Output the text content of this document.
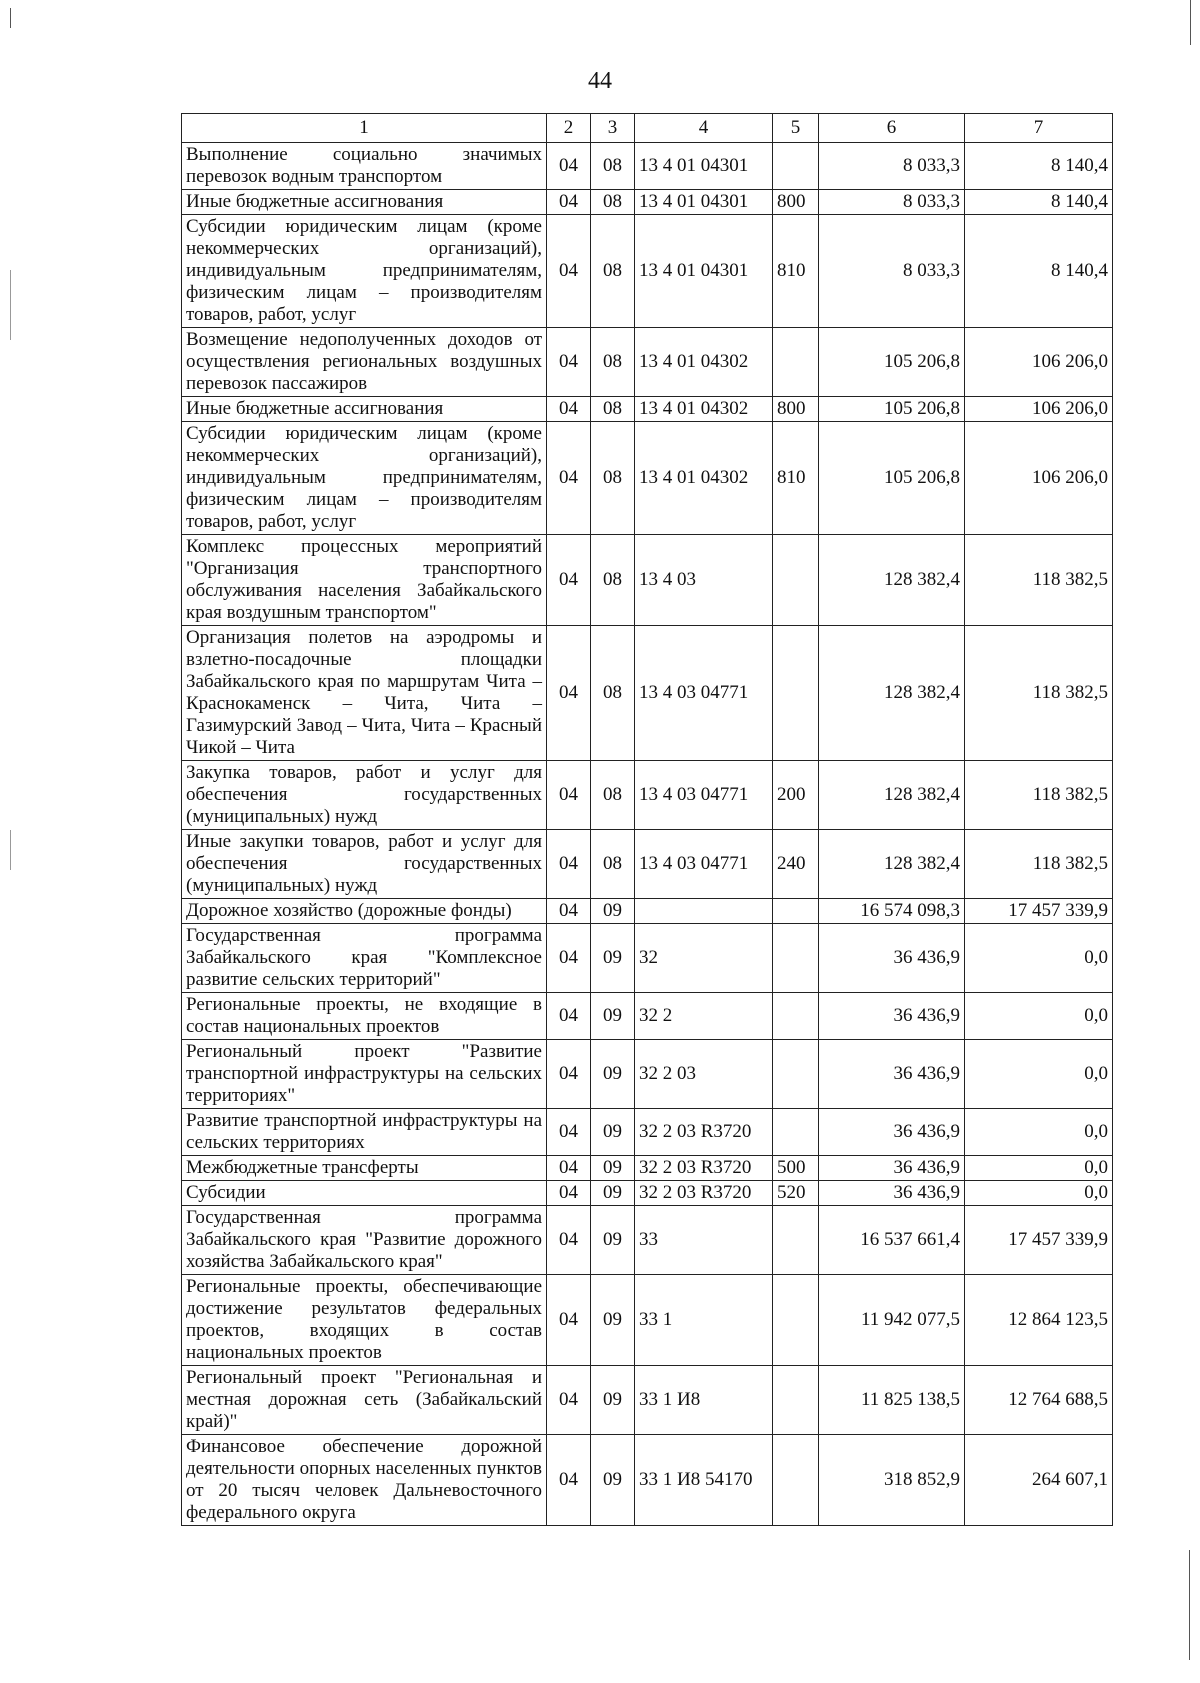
44
1	2	3	4	5	6	7
Выполнение социально значимых перевозок водным транспортом	04	08	13 4 01 04301		8 033,3	8 140,4
Иные бюджетные ассигнования	04	08	13 4 01 04301	800	8 033,3	8 140,4
Субсидии юридическим лицам (кроме некоммерческих организаций), индивидуальным предпринимателям, физическим лицам – производителям товаров, работ, услуг	04	08	13 4 01 04301	810	8 033,3	8 140,4
Возмещение недополученных доходов от осуществления региональных воздушных перевозок пассажиров	04	08	13 4 01 04302		105 206,8	106 206,0
Иные бюджетные ассигнования	04	08	13 4 01 04302	800	105 206,8	106 206,0
Субсидии юридическим лицам (кроме некоммерческих организаций), индивидуальным предпринимателям, физическим лицам – производителям товаров, работ, услуг	04	08	13 4 01 04302	810	105 206,8	106 206,0
Комплекс процессных мероприятий "Организация транспортного обслуживания населения Забайкальского края воздушным транспортом"	04	08	13 4 03		128 382,4	118 382,5
Организация полетов на аэродромы и взлетно-посадочные площадки Забайкальского края по маршрутам Чита – Краснокаменск – Чита, Чита – Газимурский Завод – Чита, Чита – Красный Чикой – Чита	04	08	13 4 03 04771		128 382,4	118 382,5
Закупка товаров, работ и услуг для обеспечения государственных (муниципальных) нужд	04	08	13 4 03 04771	200	128 382,4	118 382,5
Иные закупки товаров, работ и услуг для обеспечения государственных (муниципальных) нужд	04	08	13 4 03 04771	240	128 382,4	118 382,5
Дорожное хозяйство (дорожные фонды)	04	09			16 574 098,3	17 457 339,9
Государственная программа Забайкальского края "Комплексное развитие сельских территорий"	04	09	32		36 436,9	0,0
Региональные проекты, не входящие в состав национальных проектов	04	09	32 2		36 436,9	0,0
Региональный проект "Развитие транспортной инфраструктуры на сельских территориях"	04	09	32 2 03		36 436,9	0,0
Развитие транспортной инфраструктуры на сельских территориях	04	09	32 2 03 R3720		36 436,9	0,0
Межбюджетные трансферты	04	09	32 2 03 R3720	500	36 436,9	0,0
Субсидии	04	09	32 2 03 R3720	520	36 436,9	0,0
Государственная программа Забайкальского края "Развитие дорожного хозяйства Забайкальского края"	04	09	33		16 537 661,4	17 457 339,9
Региональные проекты, обеспечивающие достижение результатов федеральных проектов, входящих в состав национальных проектов	04	09	33 1		11 942 077,5	12 864 123,5
Региональный проект "Региональная и местная дорожная сеть (Забайкальский край)"	04	09	33 1 И8		11 825 138,5	12 764 688,5
Финансовое обеспечение дорожной деятельности опорных населенных пунктов от 20 тысяч человек Дальневосточного федерального округа	04	09	33 1 И8 54170		318 852,9	264 607,1
